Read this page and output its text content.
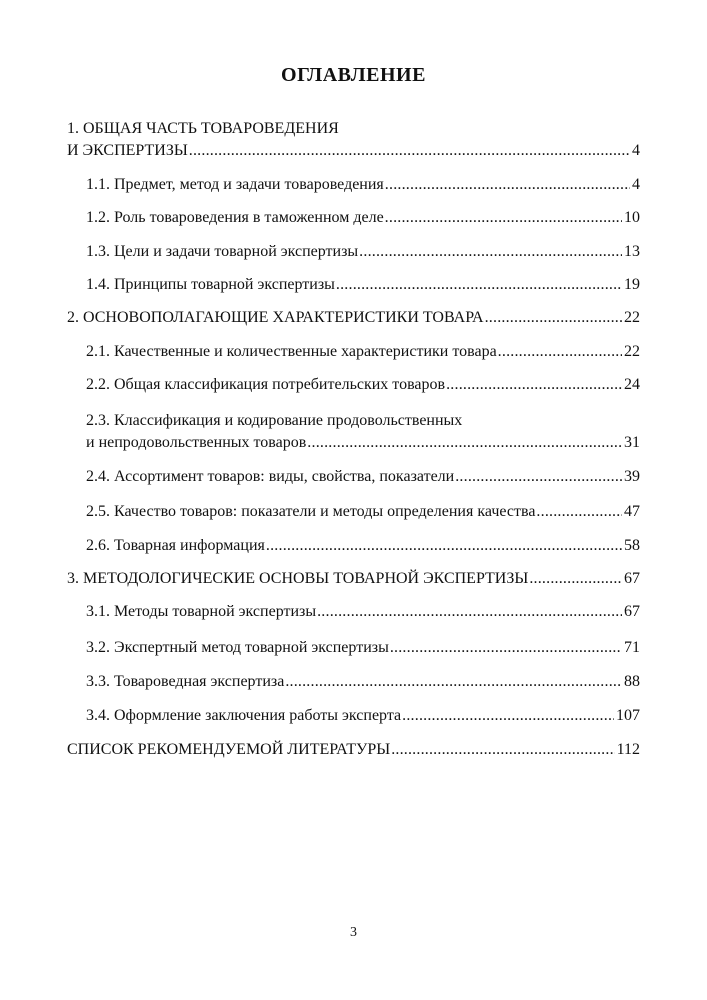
ОГЛАВЛЕНИЕ
1. ОБЩАЯ ЧАСТЬ ТОВАРОВЕДЕНИЯ
И ЭКСПЕРТИЗЫ .....	4
1.1. Предмет, метод и задачи товароведения .....	4
1.2. Роль товароведения в таможенном деле .....	10
1.3. Цели и задачи товарной экспертизы .....	13
1.4. Принципы товарной экспертизы .....	19
2. ОСНОВОПОЛАГАЮЩИЕ ХАРАКТЕРИСТИКИ ТОВАРА .....	22
2.1. Качественные и количественные характеристики товара .....	22
2.2. Общая классификация потребительских товаров .....	24
2.3. Классификация и кодирование продовольственных
и непродовольственных товаров .....	31
2.4. Ассортимент товаров: виды, свойства, показатели .....	39
2.5. Качество товаров: показатели и методы определения качества .....	47
2.6. Товарная информация .....	58
3. МЕТОДОЛОГИЧЕСКИЕ ОСНОВЫ ТОВАРНОЙ ЭКСПЕРТИЗЫ .....	67
3.1. Методы товарной экспертизы .....	67
3.2. Экспертный метод товарной экспертизы .....	71
3.3. Товароведная экспертиза .....	88
3.4. Оформление заключения работы эксперта .....	107
СПИСОК РЕКОМЕНДУЕМОЙ ЛИТЕРАТУРЫ .....	112
3
